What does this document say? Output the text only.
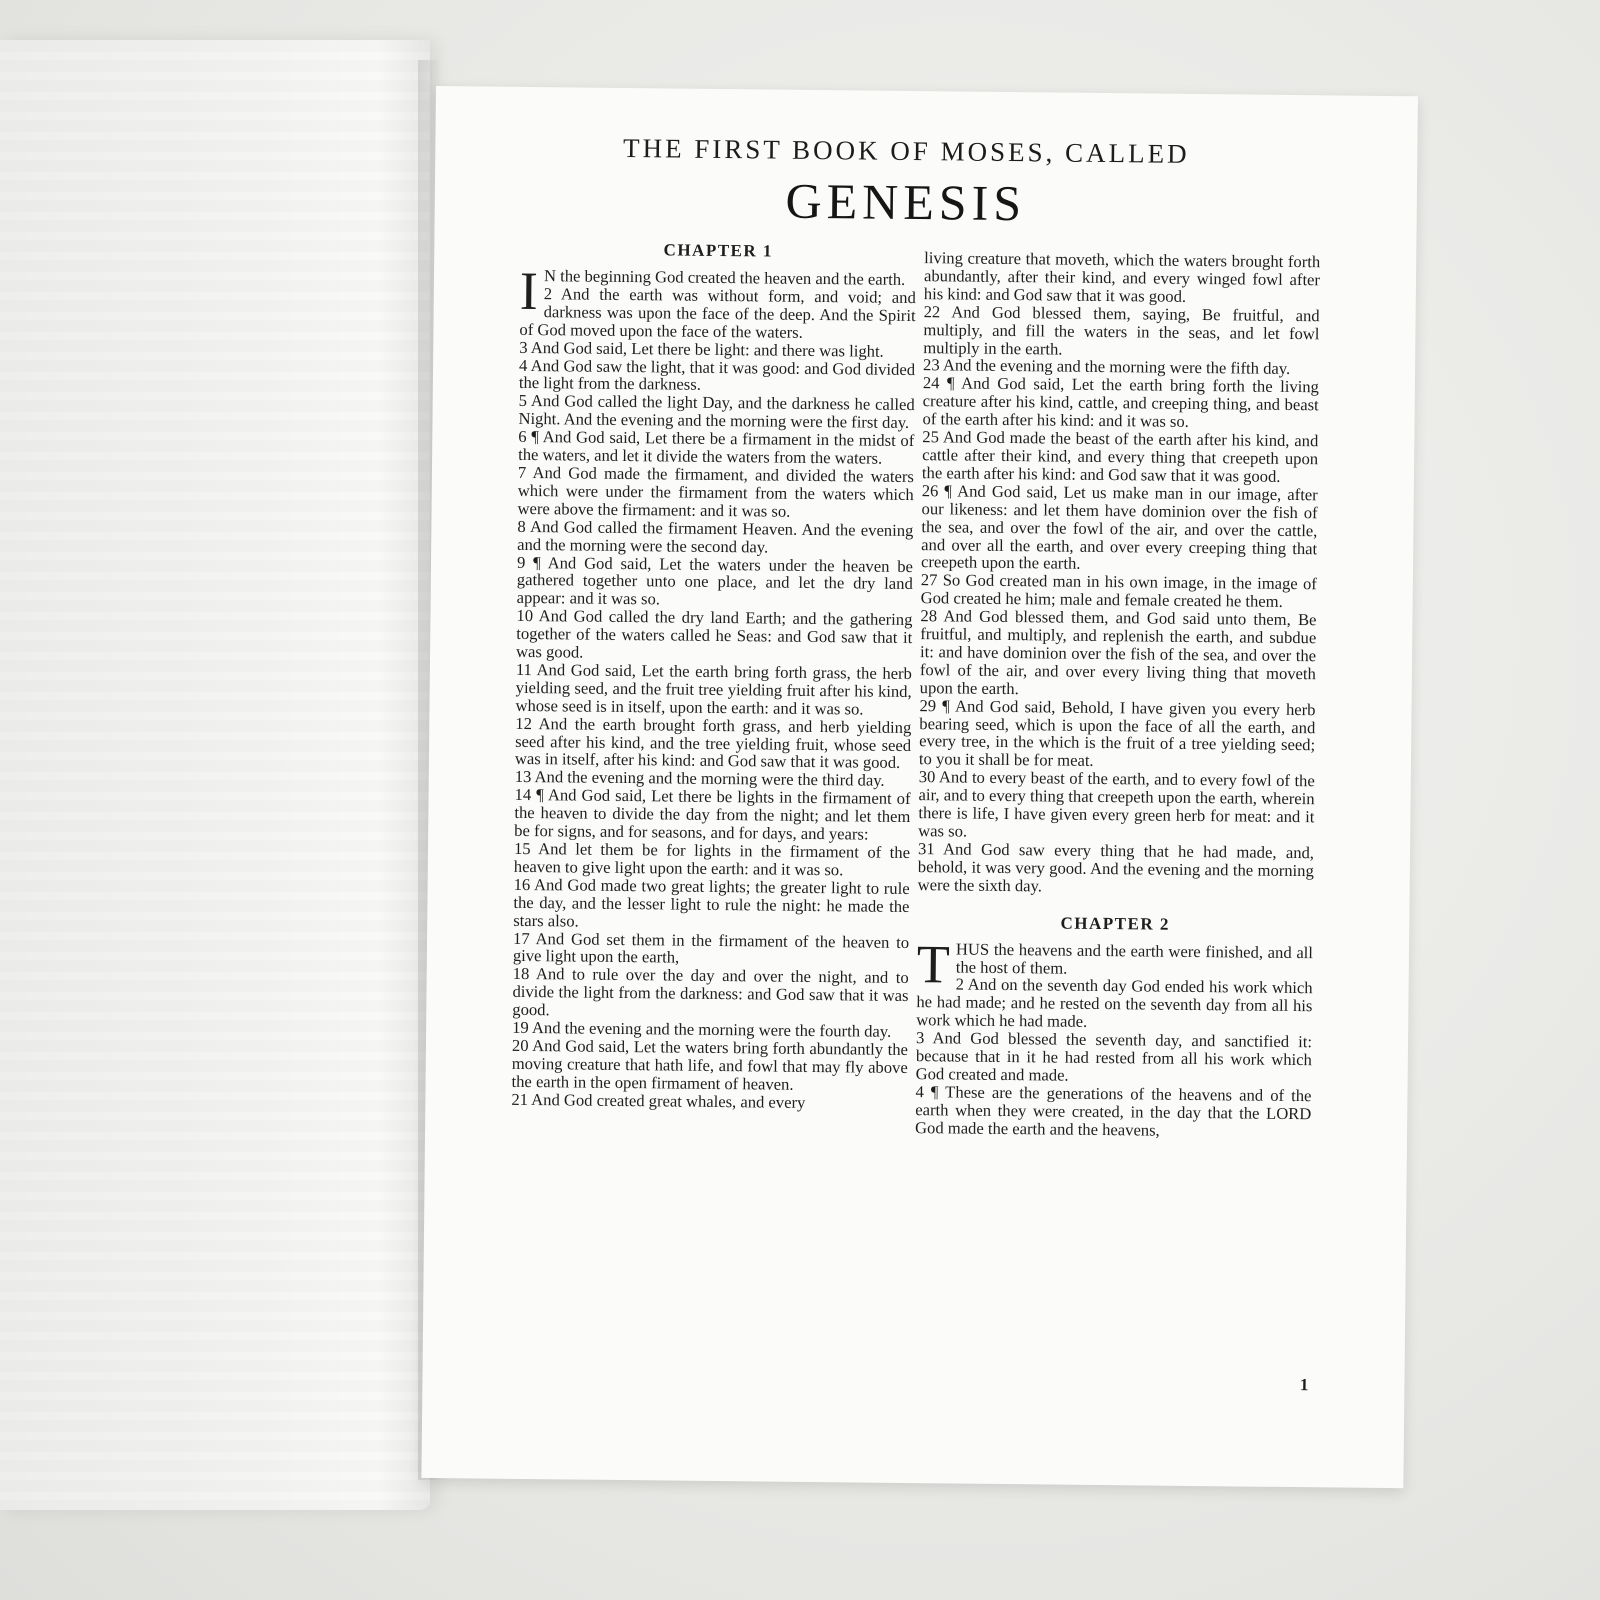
THE FIRST BOOK OF MOSES, CALLED

GENESIS
CHAPTER 1

I N the beginning God created the heaven and the earth.

2 And the earth was without form, and void; and darkness was upon the face of the deep. And the Spirit of God moved upon the face of the waters.

3 And God said, Let there be light: and there was light.

4 And God saw the light, that it was good: and God divided the light from the darkness.

5 And God called the light Day, and the darkness he called Night. And the evening and the morning were the first day.

6 ¶ And God said, Let there be a firmament in the midst of the waters, and let it divide the waters from the waters.

7 And God made the firmament, and divided the waters which were under the firmament from the waters which were above the firmament: and it was so.

8 And God called the firmament Heaven. And the evening and the morning were the second day.

9 ¶ And God said, Let the waters under the heaven be gathered together unto one place, and let the dry land appear: and it was so.

10 And God called the dry land Earth; and the gathering together of the waters called he Seas: and God saw that it was good.

11 And God said, Let the earth bring forth grass, the herb yielding seed, and the fruit tree yielding fruit after his kind, whose seed is in itself, upon the earth: and it was so.

12 And the earth brought forth grass, and herb yielding seed after his kind, and the tree yielding fruit, whose seed was in itself, after his kind: and God saw that it was good.

13 And the evening and the morning were the third day.

14 ¶ And God said, Let there be lights in the firmament of the heaven to divide the day from the night; and let them be for signs, and for seasons, and for days, and years:

15 And let them be for lights in the firmament of the heaven to give light upon the earth: and it was so.

16 And God made two great lights; the greater light to rule the day, and the lesser light to rule the night: he made the stars also.

17 And God set them in the firmament of the heaven to give light upon the earth,

18 And to rule over the day and over the night, and to divide the light from the darkness: and God saw that it was good.

19 And the evening and the morning were the fourth day.

20 And God said, Let the waters bring forth abundantly the moving creature that hath life, and fowl that may fly above the earth in the open firmament of heaven.

21 And God created great whales, and every

living creature that moveth, which the waters brought forth abundantly, after their kind, and every winged fowl after his kind: and God saw that it was good.

22 And God blessed them, saying, Be fruitful, and multiply, and fill the waters in the seas, and let fowl multiply in the earth.

23 And the evening and the morning were the fifth day.

24 ¶ And God said, Let the earth bring forth the living creature after his kind, cattle, and creeping thing, and beast of the earth after his kind: and it was so.

25 And God made the beast of the earth after his kind, and cattle after their kind, and every thing that creepeth upon the earth after his kind: and God saw that it was good.

26 ¶ And God said, Let us make man in our image, after our likeness: and let them have dominion over the fish of the sea, and over the fowl of the air, and over the cattle, and over all the earth, and over every creeping thing that creepeth upon the earth.

27 So God created man in his own image, in the image of God created he him; male and female created he them.

28 And God blessed them, and God said unto them, Be fruitful, and multiply, and replenish the earth, and subdue it: and have dominion over the fish of the sea, and over the fowl of the air, and over every living thing that moveth upon the earth.

29 ¶ And God said, Behold, I have given you every herb bearing seed, which is upon the face of all the earth, and every tree, in the which is the fruit of a tree yielding seed; to you it shall be for meat.

30 And to every beast of the earth, and to every fowl of the air, and to every thing that creepeth upon the earth, wherein there is life, I have given every green herb for meat: and it was so.

31 And God saw every thing that he had made, and, behold, it was very good. And the evening and the morning were the sixth day.

CHAPTER 2

THUS the heavens and the earth were finished, and all the host of them.

2 And on the seventh day God ended his work which he had made; and he rested on the seventh day from all his work which he had made.

3 And God blessed the seventh day, and sanctified it: because that in it he had rested from all his work which God created and made.

4 ¶ These are the generations of the heavens and of the earth when they were created, in the day that the LORD God made the earth and the heavens,

1
